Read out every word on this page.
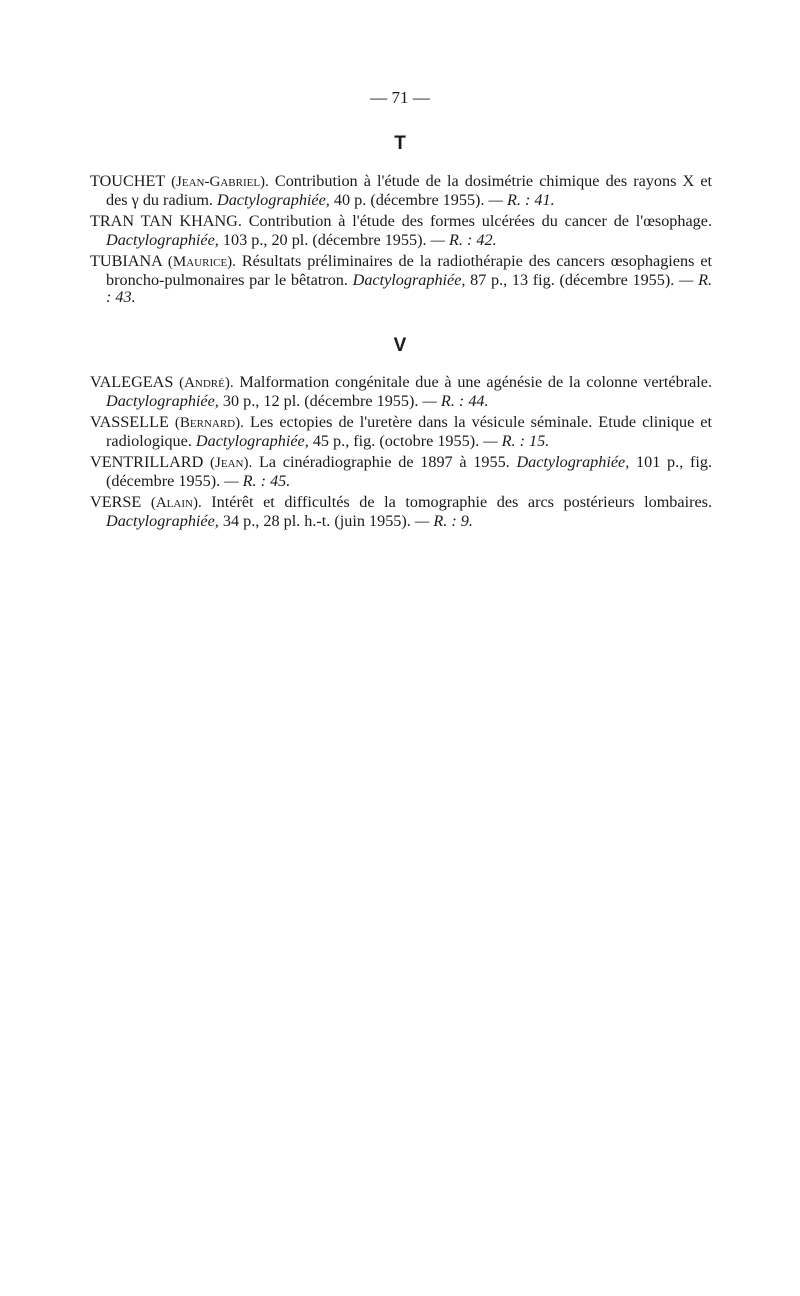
— 71 —
T
TOUCHET (Jean-Gabriel). Contribution à l'étude de la dosimétrie chimique des rayons X et des γ du radium. Dactylographiée, 40 p. (décembre 1955). — R. : 41.
TRAN TAN KHANG. Contribution à l'étude des formes ulcérées du cancer de l'œsophage. Dactylographiée, 103 p., 20 pl. (décembre 1955). — R. : 42.
TUBIANA (Maurice). Résultats préliminaires de la radiothérapie des cancers œsophagiens et broncho-pulmonaires par le bêtatron. Dactylographiée, 87 p., 13 fig. (décembre 1955). — R. : 43.
V
VALEGEAS (André). Malformation congénitale due à une agénésie de la colonne vertébrale. Dactylographiée, 30 p., 12 pl. (décembre 1955). — R. : 44.
VASSELLE (Bernard). Les ectopies de l'uretère dans la vésicule séminale. Etude clinique et radiologique. Dactylographiée, 45 p., fig. (octobre 1955). — R. : 15.
VENTRILLARD (Jean). La cinéradiographie de 1897 à 1955. Dactylographiée, 101 p., fig. (décembre 1955). — R. : 45.
VERSE (Alain). Intérêt et difficultés de la tomographie des arcs postérieurs lombaires. Dactylographiée, 34 p., 28 pl. h.-t. (juin 1955). — R. : 9.
